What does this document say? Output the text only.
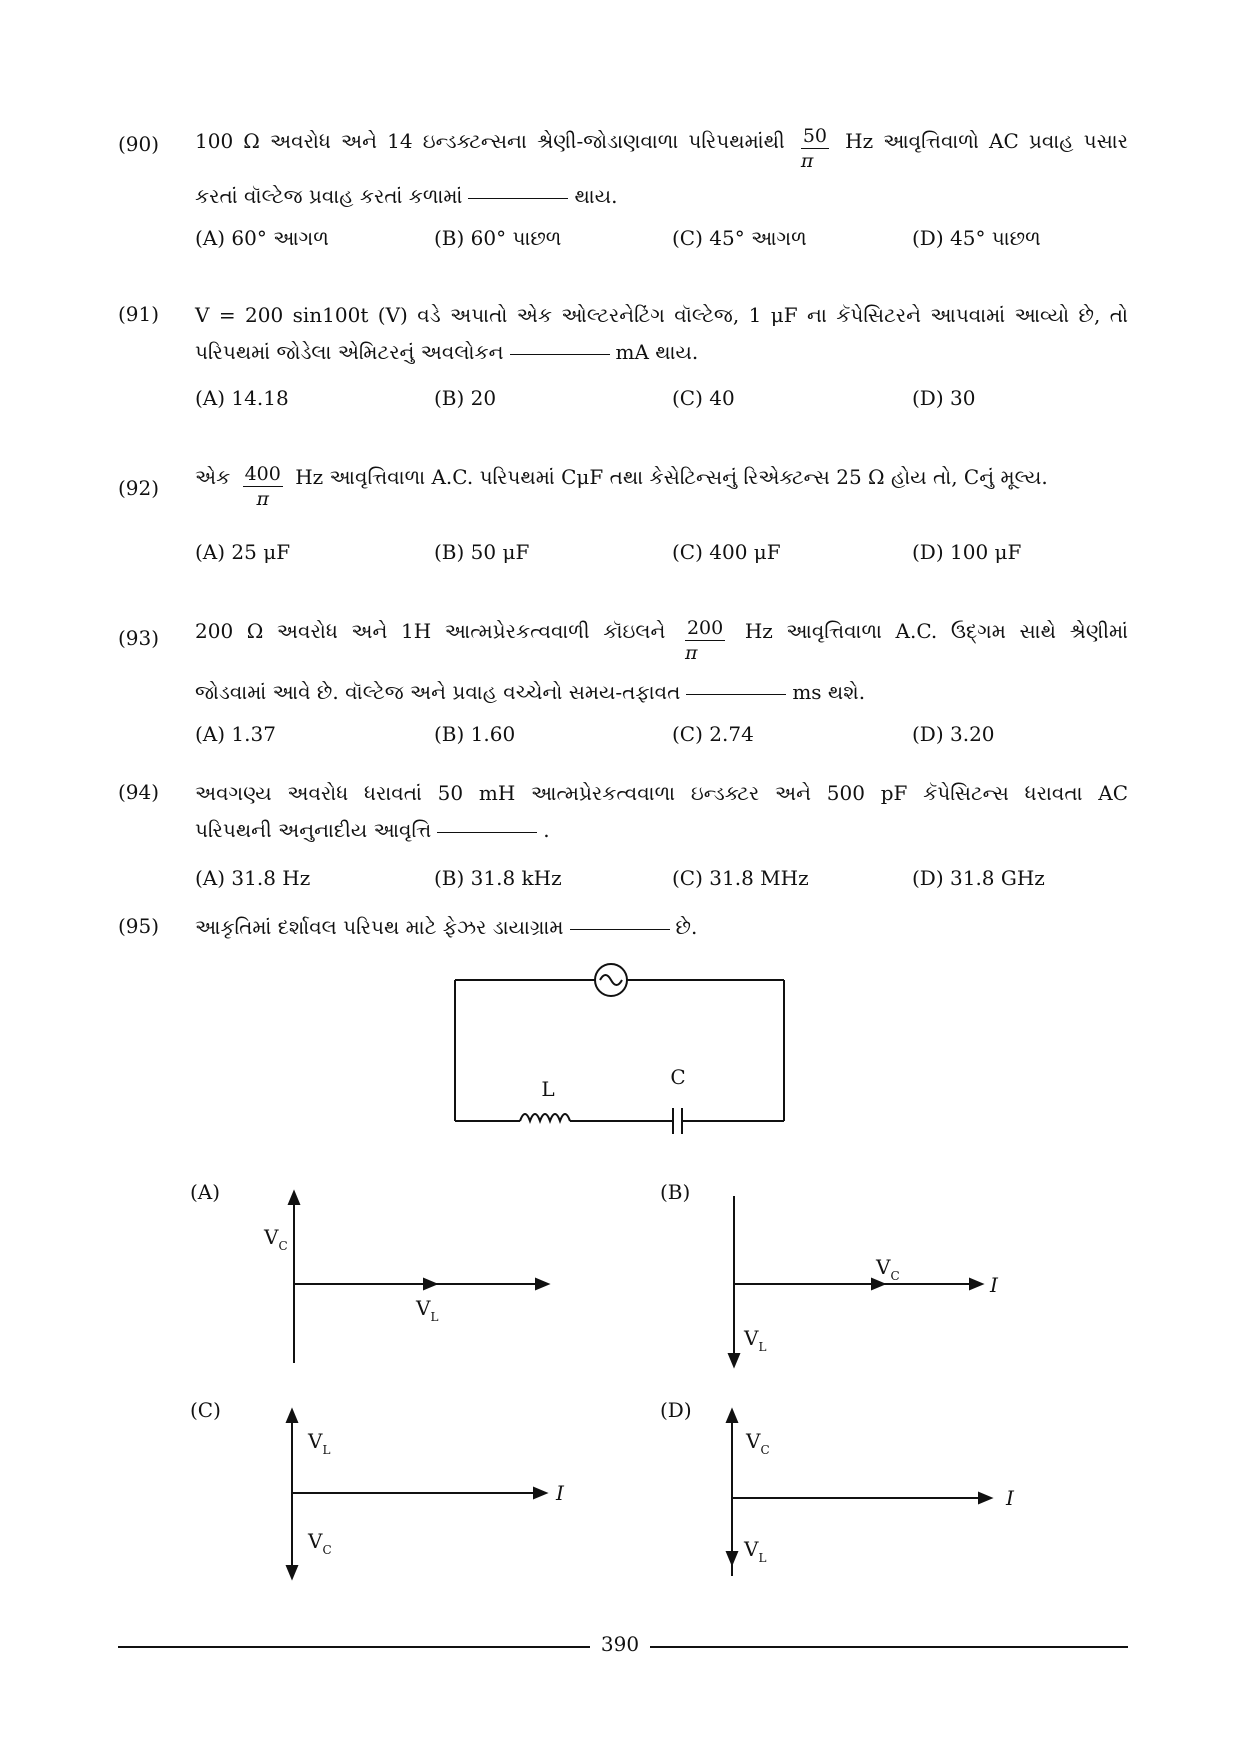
(90) 100 Ω અવરોધ અને 14 ઇન્ડક્ટન્સના શ્રેણી-જોડાણવાળા પરિપથમાંથી $\frac{50}{\pi}$ Hz આવૃત્તિવાળો AC પ્રવાહ પસાર
કરતાં વૉલ્ટેજ પ્રવાહ કરતાં કળામાં	થાય.
(A) 60° આગળ	(B) 60° પાછળ	(C) 45° આગળ	(D) 45° પાછળ
(91) V = 200 sin100t (V) વડે અપાતો એક ઓલ્ટરનેટિંગ વૉલ્ટેજ, 1 μF ના કૅપેસિટરને આપવામાં આવ્યો છે, તો
પરિપથમાં જોડેલા એમિટરનું અવલોકન	mA થાય.
(A) 14.18	(B) 20	(C) 40	(D) 30
(92) એક $\frac{400}{\pi}$ Hz આવૃત્તિવાળા A.C. પરિપથમાં CμF તથા કેસેટિન્સનું રિએક્ટન્સ 25 Ω હોય તો, Cનું મૂલ્ય.
(A) 25 μF	(B) 50 μF	(C) 400 μF	(D) 100 μF
(93) 200 Ω અવરોધ અને 1H આત્મપ્રેરકત્વવાળી કૉઇલને $\frac{200}{\pi}$ Hz આવૃત્તિવાળા A.C. ઉદ્ગમ સાથે શ્રેણીમાં
જોડવામાં આવે છે. વૉલ્ટેજ અને પ્રવાહ વચ્ચેનો સમય-તફાવત	ms થશે.
(A) 1.37	(B) 1.60	(C) 2.74	(D) 3.20
(94) અવગણ્ય અવરોધ ધરાવતાં 50 mH આત્મપ્રેરકત્વવાળા ઇન્ડક્ટર અને 500 pF કૅપેસિટન્સ ધરાવતા AC
પરિપથની અનુનાદીય આવૃત્તિ	.
(A) 31.8 Hz	(B) 31.8 kHz	(C) 31.8 MHz	(D) 31.8 GHz
(95) આકૃતિમાં દર્શાવલ પરિપથ માટે ફેઝર ડાયાગ્રામ	છે.
L	C
(A)
$V_C$
$V_L$
(B)
$V_C$
$V_L$
I
(C)
$V_L$
$V_C$
I
(D)
$V_C$
$V_L$
I
390
